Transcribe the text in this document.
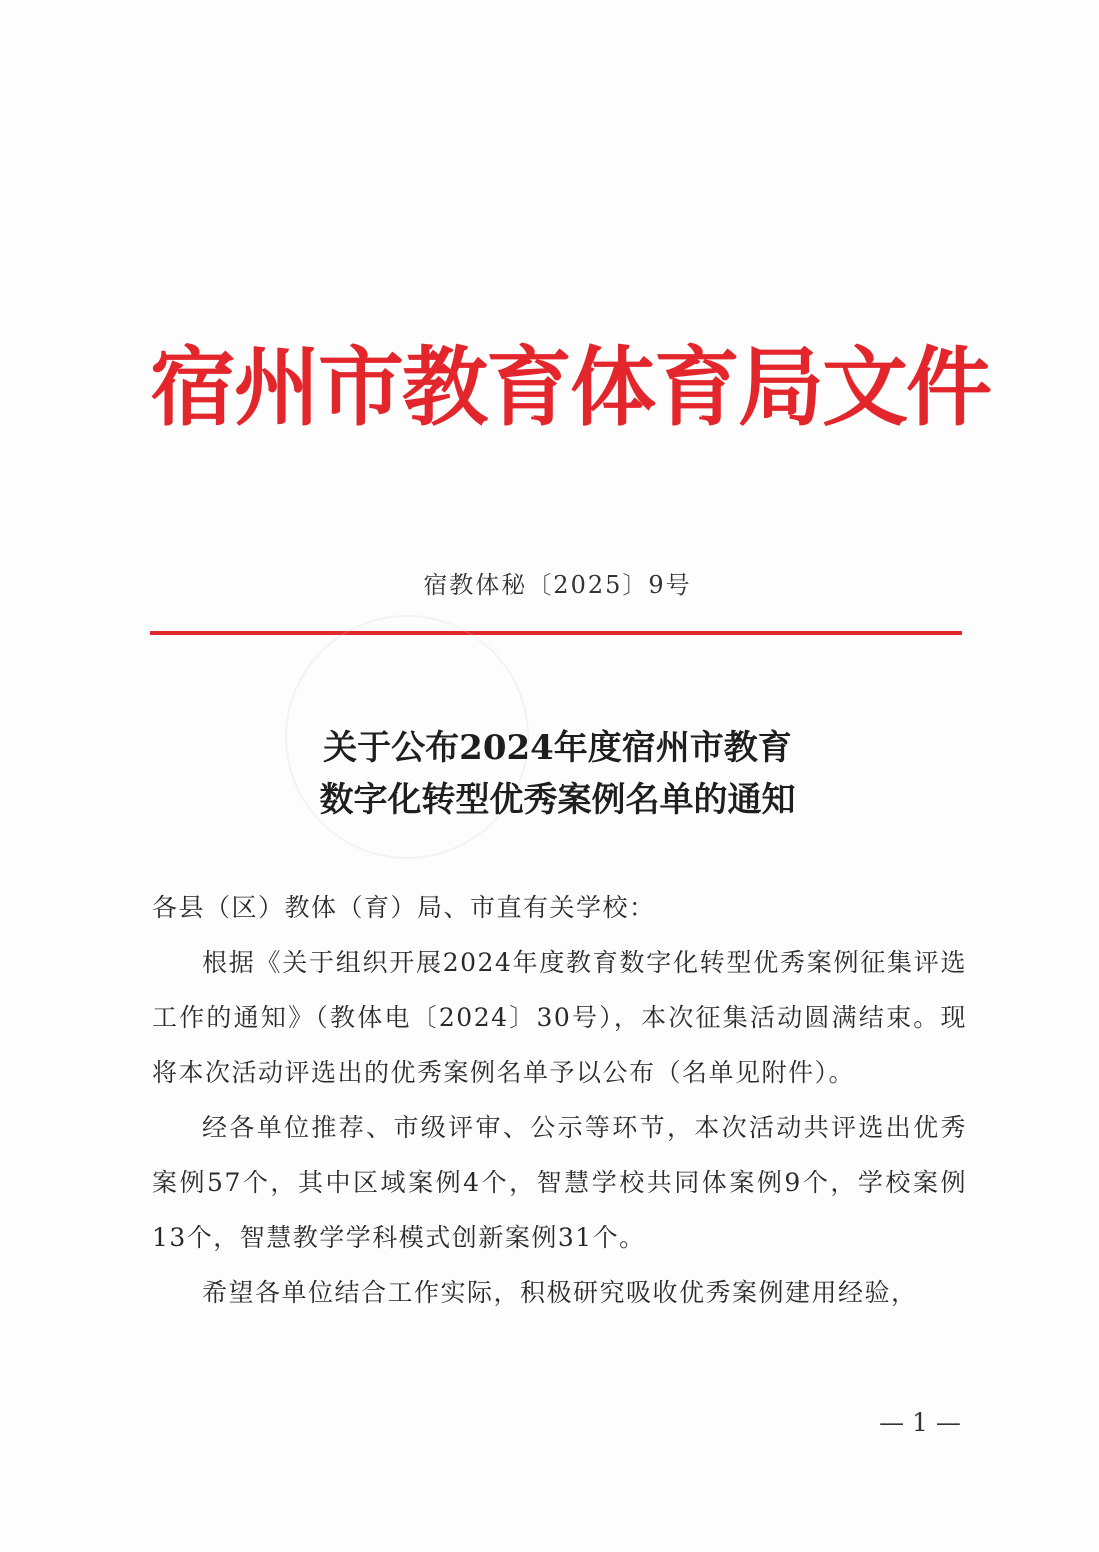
宿州市教育体育局文件
宿教体秘〔2025〕9号
关于公布2024年度宿州市教育
数字化转型优秀案例名单的通知

各县（区）教体（育）局、市直有关学校：

根据《关于组织开展2024年度教育数字化转型优秀案例征集评选工作的通知》（教体电〔2024〕30号），本次征集活动圆满结束。现将本次活动评选出的优秀案例名单予以公布（名单见附件）。

经各单位推荐、市级评审、公示等环节，本次活动共评选出优秀案例57个，其中区域案例4个，智慧学校共同体案例9个，学校案例13个，智慧教学学科模式创新案例31个。

希望各单位结合工作实际，积极研究吸收优秀案例建用经验，

— 1 —
